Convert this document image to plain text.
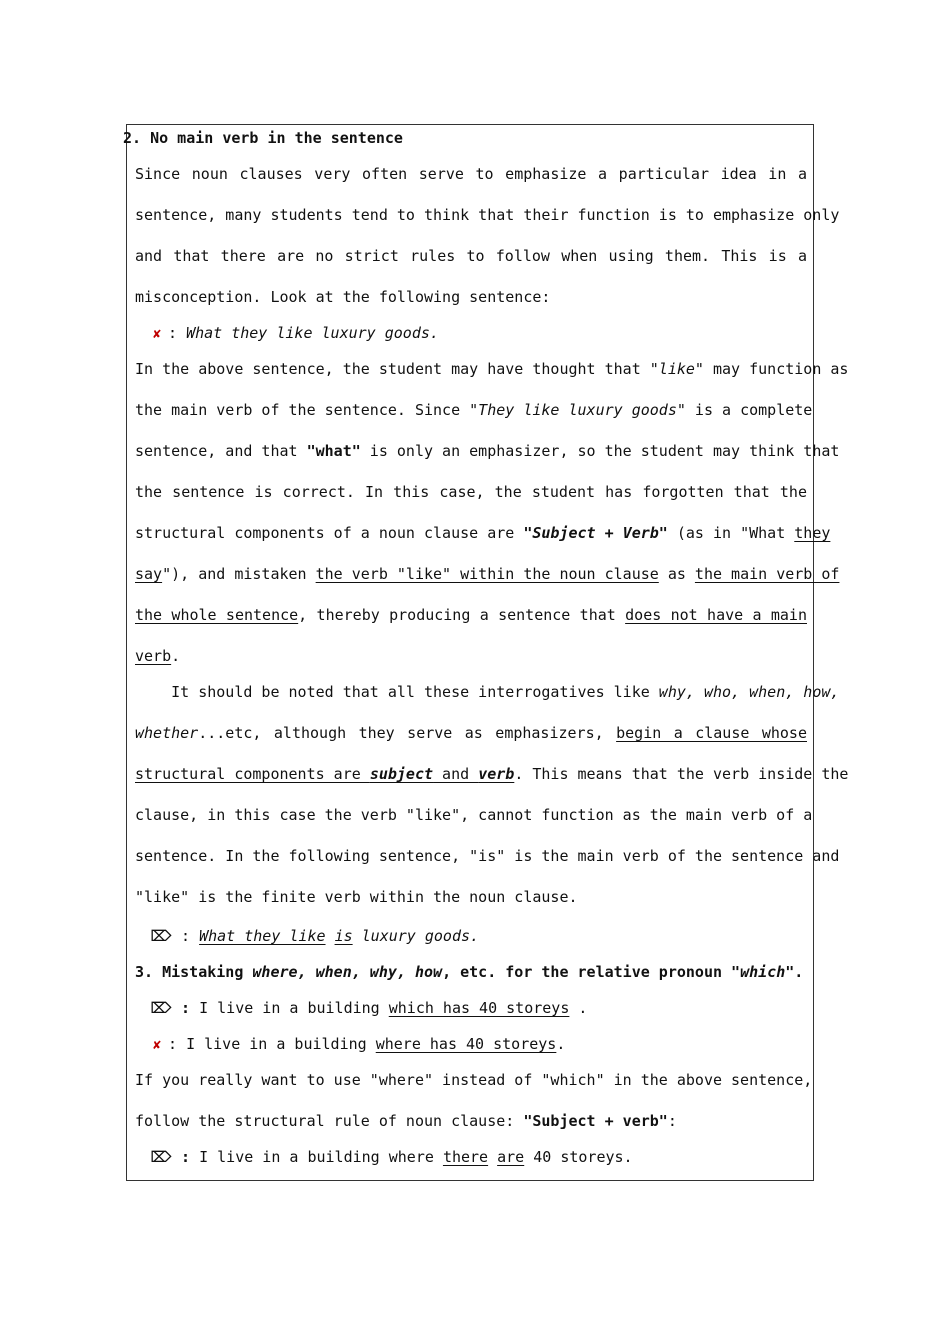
2. No main verb in the sentence
Since noun clauses very often serve to emphasize a particular idea in a
sentence, many students tend to think that their function is to emphasize only
and that there are no strict rules to follow when using them. This is a
misconception. Look at the following sentence:
✘ : What they like luxury goods.
In the above sentence, the student may have thought that "like" may function as
the main verb of the sentence. Since "They like luxury goods" is a complete
sentence, and that "what" is only an emphasizer, so the student may think that
the sentence is correct. In this case, the student has forgotten that the
structural components of a noun clause are "Subject + Verb" (as in "What they
say"), and mistaken the verb "like" within the noun clause as the main verb of
the whole sentence, thereby producing a sentence that does not have a main
verb.
It should be noted that all these interrogatives like why, who, when, how,
whether...etc, although they serve as emphasizers, begin a clause whose
structural components are subject and verb. This means that the verb inside the
clause, in this case the verb "like", cannot function as the main verb of a
sentence. In the following sentence, "is" is the main verb of the sentence and
"like" is the finite verb within the noun clause.
⌦ : What they like is luxury goods.
3. Mistaking where, when, why, how, etc. for the relative pronoun "which".
⌦ : I live in a building which has 40 storeys .
✘ : I live in a building where has 40 storeys.
If you really want to use "where" instead of "which" in the above sentence,
follow the structural rule of noun clause: "Subject + verb":
⌦ : I live in a building where there are 40 storeys.
